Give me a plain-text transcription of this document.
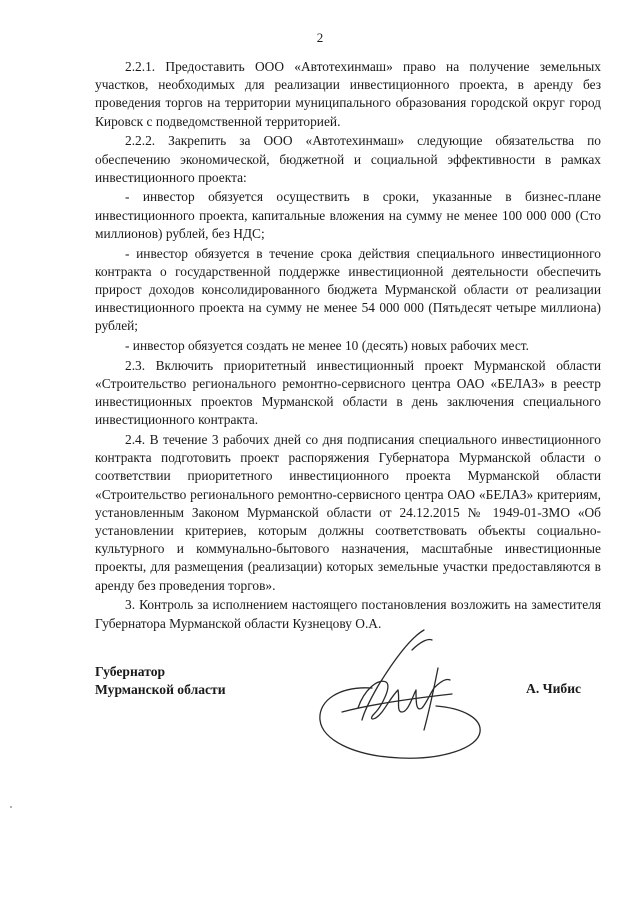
2

2.2.1. Предоставить ООО «Автотехинмаш» право на получение земельных участков, необходимых для реализации инвестиционного проекта, в аренду без проведения торгов на территории муниципального образования городской округ город Кировск с подведомственной территорией.

2.2.2. Закрепить за ООО «Автотехинмаш» следующие обязательства по обеспечению экономической, бюджетной и социальной эффективности в рамках инвестиционного проекта:

- инвестор обязуется осуществить в сроки, указанные в бизнес-плане инвестиционного проекта, капитальные вложения на сумму не менее 100 000 000 (Сто миллионов) рублей, без НДС;

- инвестор обязуется в течение срока действия специального инвестиционного контракта о государственной поддержке инвестиционной деятельности обеспечить прирост доходов консолидированного бюджета Мурманской области от реализации инвестиционного проекта на сумму не менее 54 000 000 (Пятьдесят четыре миллиона) рублей;

- инвестор обязуется создать не менее 10 (десять) новых рабочих мест.

2.3. Включить приоритетный инвестиционный проект Мурманской области «Строительство регионального ремонтно-сервисного центра ОАО «БЕЛАЗ» в реестр инвестиционных проектов Мурманской области в день заключения специального инвестиционного контракта.

2.4. В течение 3 рабочих дней со дня подписания специального инвестиционного контракта подготовить проект распоряжения Губернатора Мурманской области о соответствии приоритетного инвестиционного проекта Мурманской области «Строительство регионального ремонтно-сервисного центра ОАО «БЕЛАЗ» критериям, установленным Законом Мурманской области от 24.12.2015 № 1949-01-ЗМО «Об установлении критериев, которым должны соответствовать объекты социально-культурного и коммунально-бытового назначения, масштабные инвестиционные проекты, для размещения (реализации) которых земельные участки предоставляются в аренду без проведения торгов».

3. Контроль за исполнением настоящего постановления возложить на заместителя Губернатора Мурманской области Кузнецову О.А.

Губернатор
Мурманской области	А. Чибис
